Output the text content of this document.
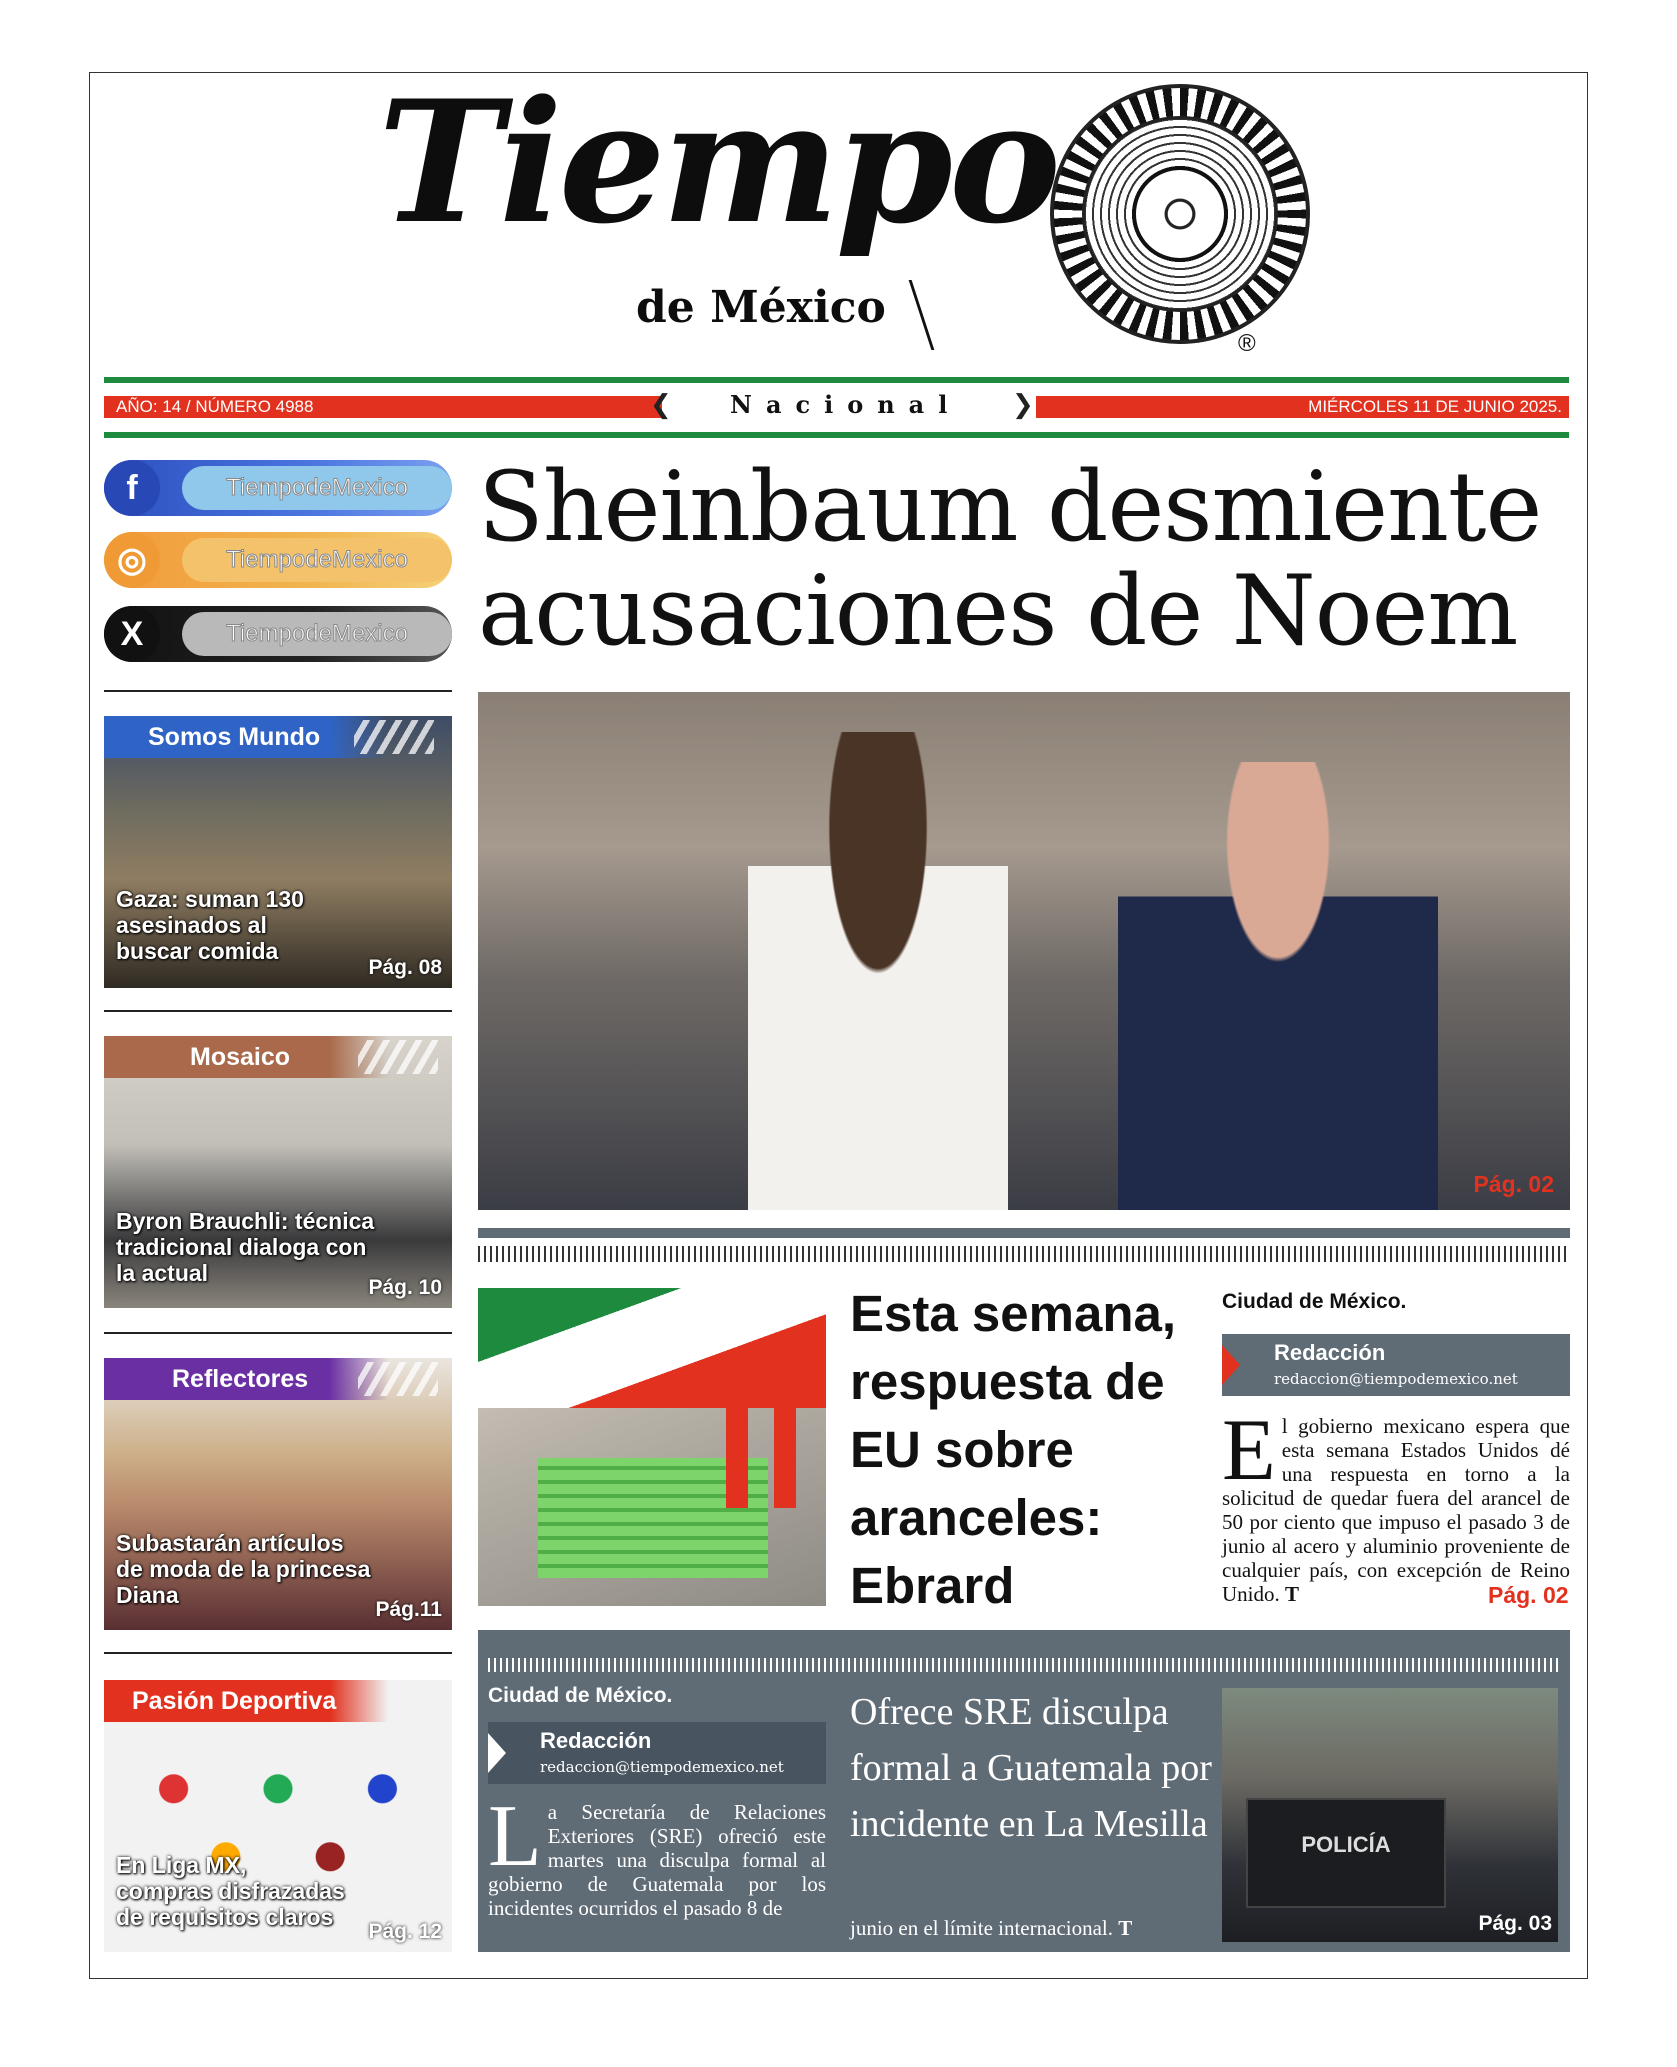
Tiempo
de México
®
AÑO: 14 / NÚMERO 4988	MIÉRCOLES 11 DE JUNIO 2025.
❮	❯
Nacional
f	TiempodeMexico
◎	TiempodeMexico
X	TiempodeMexico
Somos Mundo
Gaza: suman 130 asesinados al buscar comida
Pág. 08
Mosaico
Byron Brauchli: técnica tradicional dialoga con la actual
Pág. 10
Reflectores
Subastarán artículos de moda de la princesa Diana
Pág.11
Pasión Deportiva
En Liga MX, compras disfrazadas de requisitos claros
Pág. 12
Sheinbaum desmiente
acusaciones de Noem
Pág. 02
Esta semana, respuesta de EU sobre aranceles: Ebrard
Ciudad de México.
Redacción
redaccion@tiempodemexico.net
El gobierno mexicano espera que esta semana Estados Unidos dé una respuesta en torno a la solicitud de quedar fuera del arancel de 50 por ciento que impuso el pasado 3 de junio al acero y aluminio proveniente de cualquier país, con excepción de Reino Unido. T	Pág. 02
Ciudad de México.
Redacción
redaccion@tiempodemexico.net
La Secretaría de Relaciones Exteriores (SRE) ofreció este martes una disculpa formal al gobierno de Guatemala por los incidentes ocurridos el pasado 8 de
Ofrece SRE disculpa formal a Guatemala por incidente en La Mesilla
junio en el límite internacional. T
POLICÍA
Pág. 03
